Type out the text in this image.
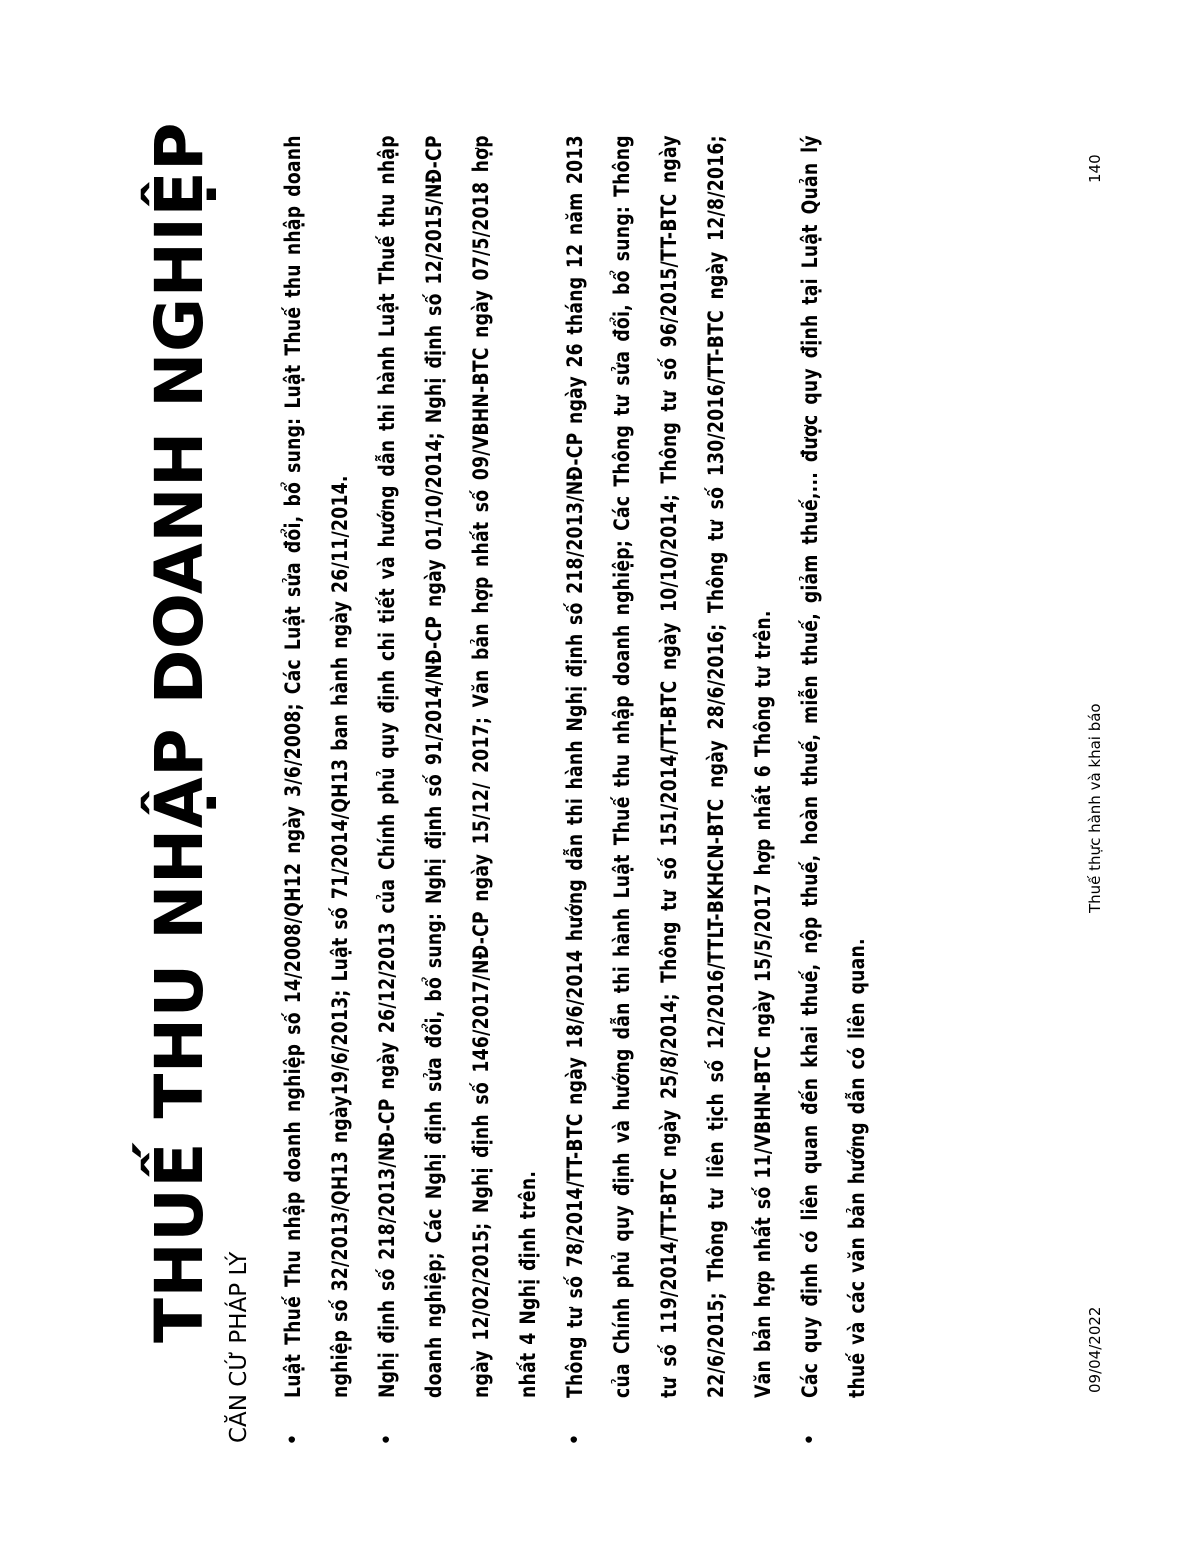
THUẾ THU NHẬP DOANH NGHIỆP
CĂN CỨ PHÁP LÝ	•
Luật Thuế Thu nhập doanh nghiệp số 14/2008/QH12 ngày 3/6/2008; Các Luật sửa đổi, bổ sung: Luật Thuế thu nhập doanh nghiệp số 32/2013/QH13 ngày19/6/2013; Luật số 71/2014/QH13 ban hành ngày 26/11/2014.
•
Nghị định số 218/2013/NĐ-CP ngày 26/12/2013 của Chính phủ quy định chi tiết và hướng dẫn thi hành Luật Thuế thu nhập doanh nghiệp; Các Nghị định sửa đổi, bổ sung: Nghị định số 91/2014/NĐ-CP ngày 01/10/2014; Nghị định số 12/2015/NĐ-CP ngày 12/02/2015; Nghị định số 146/2017/NĐ-CP ngày 15/12/ 2017; Văn bản hợp nhất số 09/VBHN-BTC ngày 07/5/2018 hợp nhất 4 Nghị định trên.
•
Thông tư số 78/2014/TT-BTC ngày 18/6/2014 hướng dẫn thi hành Nghị định số 218/2013/NĐ-CP ngày 26 tháng 12 năm 2013 của Chính phủ quy định và hướng dẫn thi hành Luật Thuế thu nhập doanh nghiệp; Các Thông tư sửa đổi, bổ sung: Thông tư số 119/2014/TT-BTC ngày 25/8/2014; Thông tư số 151/2014/TT-BTC ngày 10/10/2014; Thông tư số 96/2015/TT-BTC ngày 22/6/2015; Thông tư liên tịch số 12/2016/TTLT-BKHCN-BTC ngày 28/6/2016; Thông tư số 130/2016/TT-BTC ngày 12/8/2016; Văn bản hợp nhất số 11/VBHN-BTC ngày 15/5/2017 hợp nhất 6 Thông tư trên.
•
Các quy định có liên quan đến khai thuế, nộp thuế, hoàn thuế, miễn thuế, giảm thuế,... được quy định tại Luật Quản lý thuế và các văn bản hướng dẫn có liên quan.	09/04/2022
Thuế thực hành và khai báo
140
